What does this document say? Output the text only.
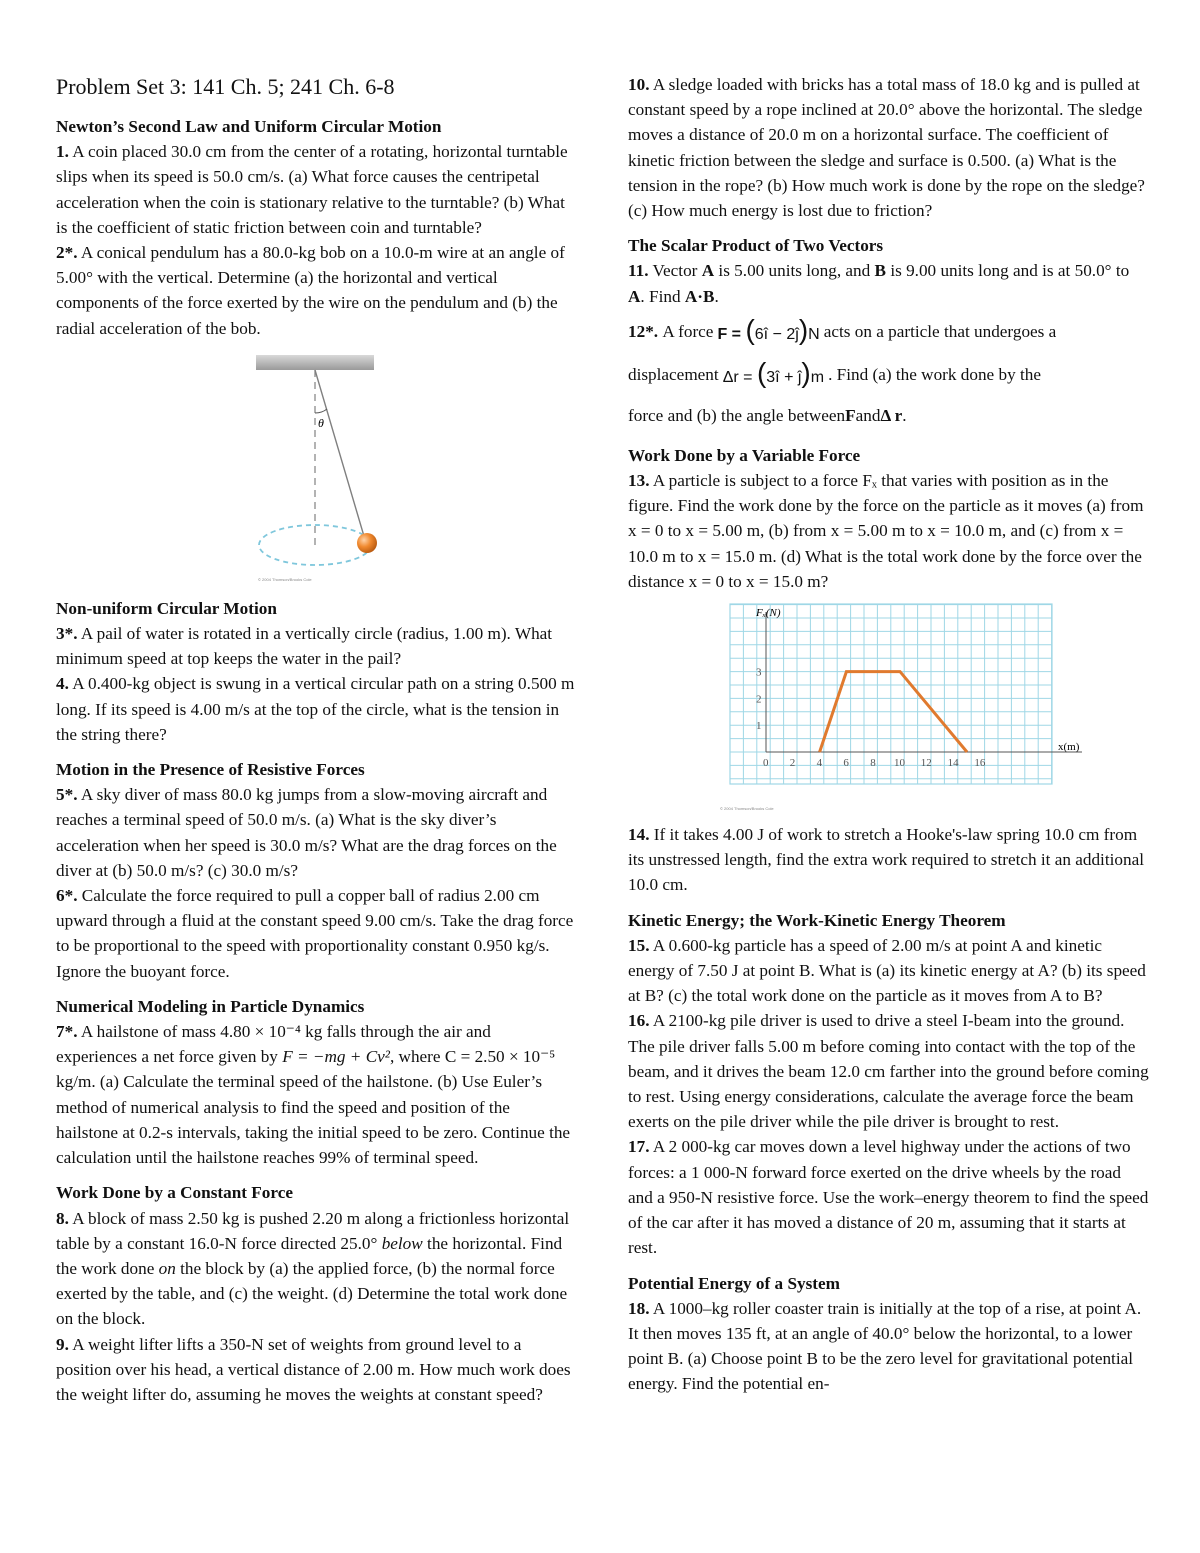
Problem Set 3: 141 Ch. 5; 241 Ch. 6-8
Newton’s Second Law and Uniform Circular Motion

1. A coin placed 30.0 cm from the center of a rotating, horizontal turntable slips when its speed is 50.0 cm/s. (a) What force causes the centripetal acceleration when the coin is stationary relative to the turntable? (b) What is the coefficient of static friction between coin and turntable?

2*. A conical pendulum has a 80.0-kg bob on a 10.0-m wire at an angle of 5.00° with the vertical. Determine (a) the horizontal and vertical components of the force exerted by the wire on the pendulum and (b) the radial acceleration of the bob.

θ
© 2004 Thomson/Brooks Cole
Non-uniform Circular Motion

3*. A pail of water is rotated in a vertically circle (radius, 1.00 m). What minimum speed at top keeps the water in the pail?

4. A 0.400-kg object is swung in a vertical circular path on a string 0.500 m long. If its speed is 4.00 m/s at the top of the circle, what is the tension in the string there?

Motion in the Presence of Resistive Forces

5*. A sky diver of mass 80.0 kg jumps from a slow-moving aircraft and reaches a terminal speed of 50.0 m/s. (a) What is the sky diver’s acceleration when her speed is 30.0 m/s? What are the drag forces on the diver at (b) 50.0 m/s? (c) 30.0 m/s?

6*. Calculate the force required to pull a copper ball of radius 2.00 cm upward through a fluid at the constant speed 9.00 cm/s. Take the drag force to be proportional to the speed with proportionality constant 0.950 kg/s. Ignore the buoyant force.

Numerical Modeling in Particle Dynamics

7*. A hailstone of mass 4.80 × 10⁻⁴ kg falls through the air and experiences a net force given by F = −mg + Cv², where C = 2.50 × 10⁻⁵ kg/m. (a) Calculate the terminal speed of the hailstone. (b) Use Euler’s method of numerical analysis to find the speed and position of the hailstone at 0.2-s intervals, taking the initial speed to be zero. Continue the calculation until the hailstone reaches 99% of terminal speed.

Work Done by a Constant Force

8. A block of mass 2.50 kg is pushed 2.20 m along a frictionless horizontal table by a constant 16.0-N force directed 25.0° below the horizontal. Find the work done on the block by (a) the applied force, (b) the normal force exerted by the table, and (c) the weight. (d) Determine the total work done on the block.

9. A weight lifter lifts a 350-N set of weights from ground level to a position over his head, a vertical distance of 2.00 m. How much work does the weight lifter do, assuming he moves the weights at constant speed?

10. A sledge loaded with bricks has a total mass of 18.0 kg and is pulled at constant speed by a rope inclined at 20.0° above the horizontal. The sledge moves a distance of 20.0 m on a horizontal surface. The coefficient of kinetic friction between the sledge and surface is 0.500. (a) What is the tension in the rope? (b) How much work is done by the rope on the sledge? (c) How much energy is lost due to friction?

The Scalar Product of Two Vectors

11. Vector A is 5.00 units long, and B is 9.00 units long and is at 50.0° to A. Find A·B.

12*.
A force F = (6î − 2ĵ)N acts on a particle that undergoes a
displacement Δr = (3î + ĵ)m . Find (a) the work done by the
force and (b) the angle between F and Δ r .
Work Done by a Variable Force

13. A particle is subject to a force Fₓ that varies with position as in the figure. Find the work done by the force on the particle as it moves (a) from x = 0 to x = 5.00 m, (b) from x = 5.00 m to x = 10.0 m, and (c) from x = 10.0 m to x = 15.0 m. (d) What is the total work done by the force over the distance x = 0 to x = 15.0 m?

0 2 4 6 8 10 12 14 16
1
2
3
Fₓ(N)
x(m)
© 2004 Thomson/Brooks Cole

14. If it takes 4.00 J of work to stretch a Hooke's-law spring 10.0 cm from its unstressed length, find the extra work required to stretch it an additional 10.0 cm.

Kinetic Energy; the Work-Kinetic Energy Theorem

15. A 0.600-kg particle has a speed of 2.00 m/s at point A and kinetic energy of 7.50 J at point B. What is (a) its kinetic energy at A? (b) its speed at B? (c) the total work done on the particle as it moves from A to B?

16. A 2100-kg pile driver is used to drive a steel I-beam into the ground. The pile driver falls 5.00 m before coming into contact with the top of the beam, and it drives the beam 12.0 cm farther into the ground before coming to rest. Using energy considerations, calculate the average force the beam exerts on the pile driver while the pile driver is brought to rest.

17. A 2 000-kg car moves down a level highway under the actions of two forces: a 1 000-N forward force exerted on the drive wheels by the road and a 950-N resistive force. Use the work–energy theorem to find the speed of the car after it has moved a distance of 20 m, assuming that it starts at rest.

Potential Energy of a System

18. A 1000–kg roller coaster train is initially at the top of a rise, at point A. It then moves 135 ft, at an angle of 40.0° below the horizontal, to a lower point B. (a) Choose point B to be the zero level for gravitational potential energy. Find the potential en-
